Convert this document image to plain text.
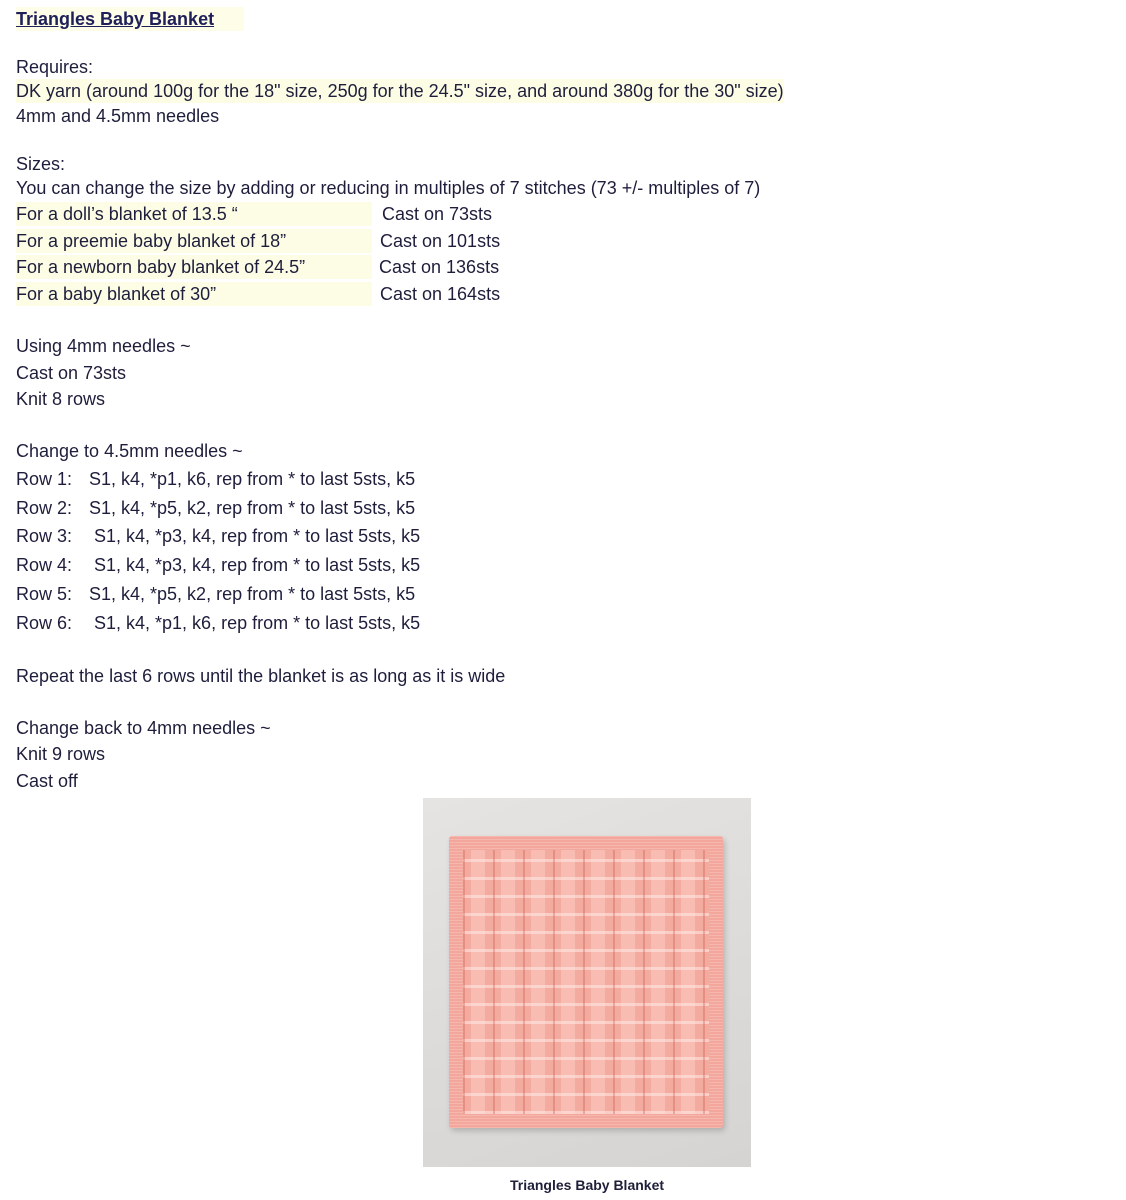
Triangles Baby Blanket
Requires:
DK yarn (around 100g for the 18" size, 250g for the 24.5" size, and around 380g for the 30" size)
4mm and 4.5mm needles
Sizes:
You can change the size by adding or reducing in multiples of 7 stitches (73 +/- multiples of 7)
For a doll’s blanket of 13.5 “	Cast on 73sts
For a preemie baby blanket of 18”	Cast on 101sts
For a newborn baby blanket of 24.5”	Cast on 136sts
For a baby blanket of 30”	Cast on 164sts
Using 4mm needles ~
Cast on 73sts
Knit 8 rows
Change to 4.5mm needles ~
Row 1: S1, k4, *p1, k6, rep from * to last 5sts, k5
Row 2: S1, k4, *p5, k2, rep from * to last 5sts, k5
Row 3: S1, k4, *p3, k4, rep from * to last 5sts, k5
Row 4: S1, k4, *p3, k4, rep from * to last 5sts, k5
Row 5: S1, k4, *p5, k2, rep from * to last 5sts, k5
Row 6: S1, k4, *p1, k6, rep from * to last 5sts, k5
Repeat the last 6 rows until the blanket is as long as it is wide
Change back to 4mm needles ~
Knit 9 rows
Cast off
Triangles Baby Blanket
